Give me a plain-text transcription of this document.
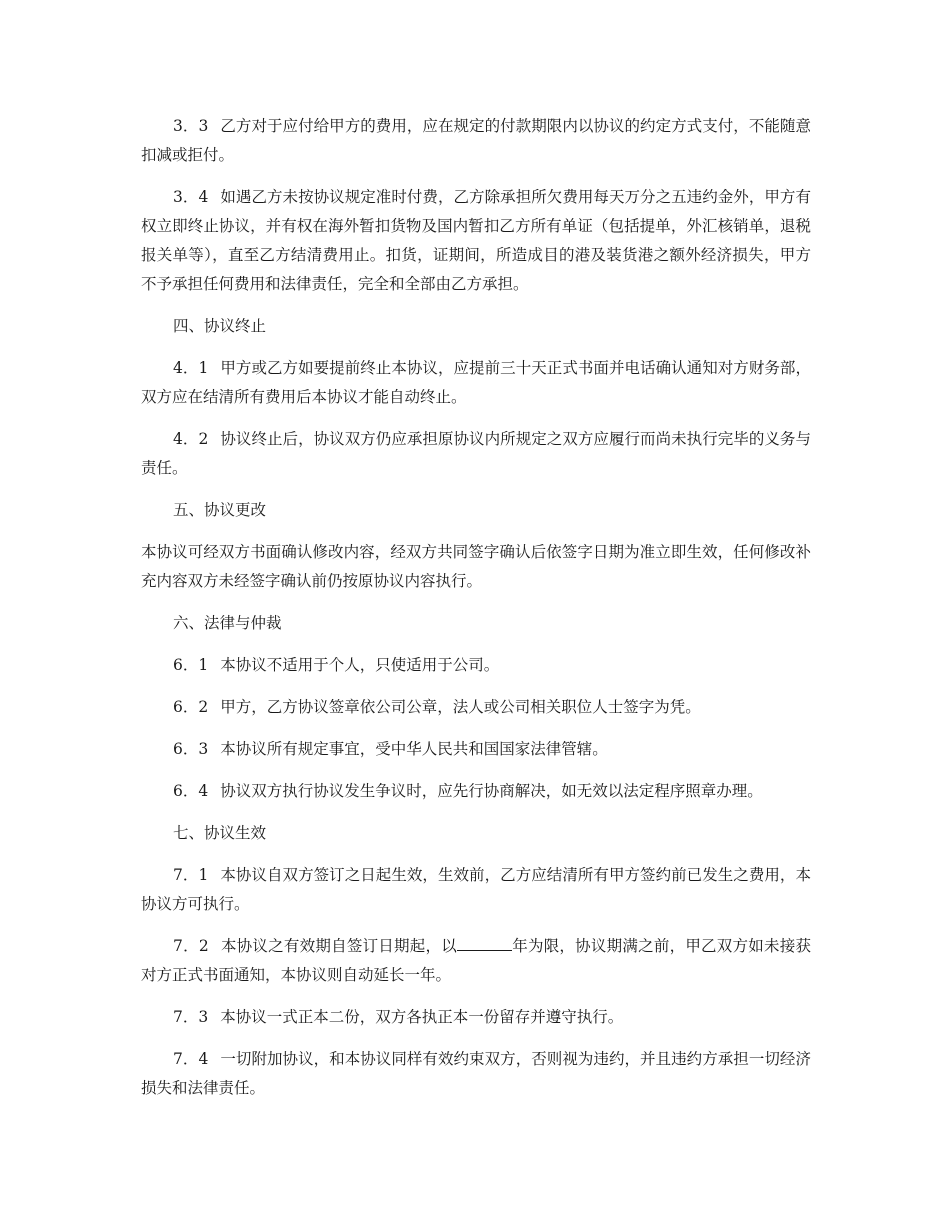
3．3 乙方对于应付给甲方的费用，应在规定的付款期限内以协议的约定方式支付，不能随意扣减或拒付。

3．4 如遇乙方未按协议规定准时付费，乙方除承担所欠费用每天万分之五违约金外，甲方有权立即终止协议，并有权在海外暂扣货物及国内暂扣乙方所有单证（包括提单，外汇核销单，退税报关单等），直至乙方结清费用止。扣货，证期间，所造成目的港及装货港之额外经济损失，甲方不予承担任何费用和法律责任，完全和全部由乙方承担。

四、协议终止

4．1 甲方或乙方如要提前终止本协议，应提前三十天正式书面并电话确认通知对方财务部，双方应在结清所有费用后本协议才能自动终止。

4．2 协议终止后，协议双方仍应承担原协议内所规定之双方应履行而尚未执行完毕的义务与责任。

五、协议更改

本协议可经双方书面确认修改内容，经双方共同签字确认后依签字日期为准立即生效，任何修改补充内容双方未经签字确认前仍按原协议内容执行。

六、法律与仲裁

6．1 本协议不适用于个人，只使适用于公司。

6．2 甲方，乙方协议签章依公司公章，法人或公司相关职位人士签字为凭。

6．3 本协议所有规定事宜，受中华人民共和国国家法律管辖。

6．4 协议双方执行协议发生争议时，应先行协商解决，如无效以法定程序照章办理。

七、协议生效

7．1 本协议自双方签订之日起生效，生效前，乙方应结清所有甲方签约前已发生之费用，本协议方可执行。

7．2 本协议之有效期自签订日期起，以	年为限，协议期满之前，甲乙双方如未接获对方正式书面通知，本协议则自动延长一年。

7．3 本协议一式正本二份，双方各执正本一份留存并遵守执行。

7．4 一切附加协议，和本协议同样有效约束双方，否则视为违约，并且违约方承担一切经济损失和法律责任。
